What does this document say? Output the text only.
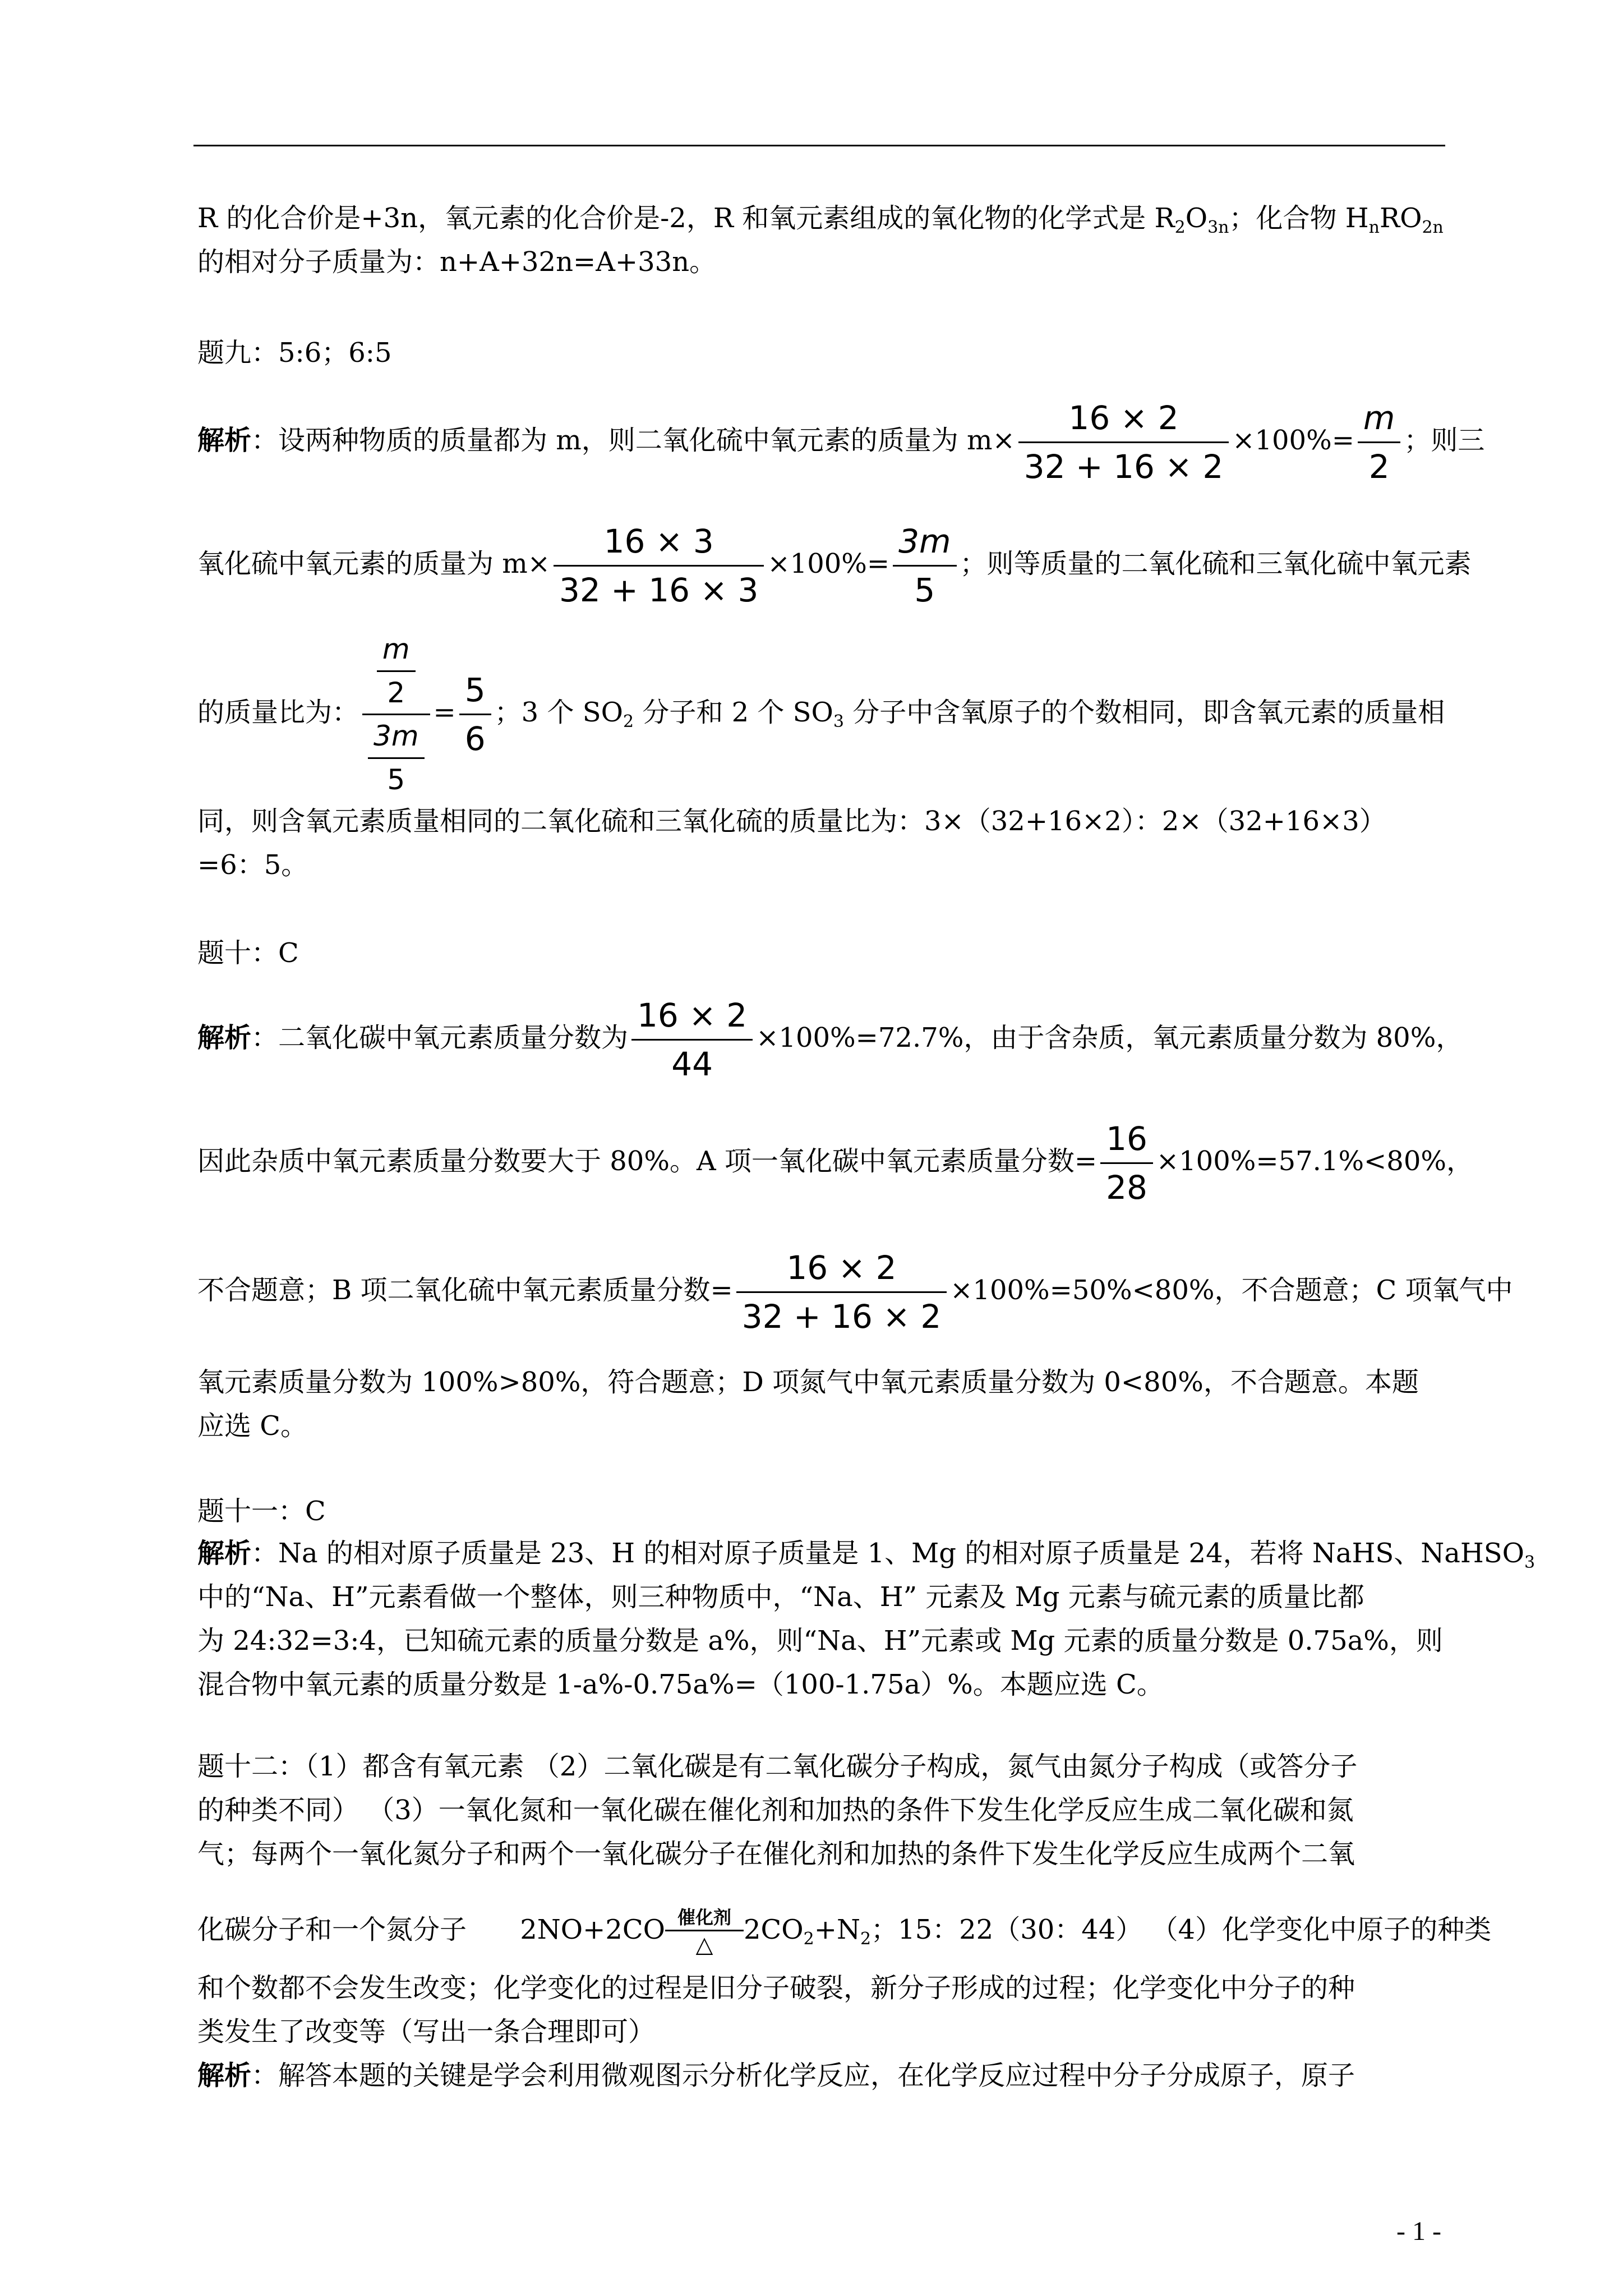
R 的化合价是+3n，氧元素的化合价是-2，R 和氧元素组成的氧化物的化学式是 $R_2O_{3n}$；化合物 $H_nRO_{2n}$
的相对分子质量为：n+A+32n=A+33n。
题九：5:6；6:5
解析：设两种物质的质量都为 m，则二氧化硫中氧元素的质量为 $m\times \frac{16 \times 2}{32 + 16 \times 2} \times 100\%= \frac{m}{2}$ ；则三
氧化硫中氧元素的质量为 $m\times \frac{16 \times 3}{32 + 16 \times 3} \times 100\%= \frac{3m}{5}$ ；则等质量的二氧化硫和三氧化硫中氧元素
的质量比为： $\frac{\frac{m}{2}}{\frac{3m}{5}} = \frac{5}{6}$ ；3 个 $SO_2$ 分子和 2 个 $SO_3$ 分子中含氧原子的个数相同，即含氧元素的质量相
同，则含氧元素质量相同的二氧化硫和三氧化硫的质量比为：3×（32+16×2）：2×（32+16×3）
=6：5。
题十：C
解析：二氧化碳中氧元素质量分数为 $\frac{16 \times 2}{44} \times 100\%=72.7\%$，由于含杂质，氧元素质量分数为 80%，
因此杂质中氧元素质量分数要大于 80%。A 项一氧化碳中氧元素质量分数= $\frac{16}{28} \times 100\%=57.1\%<80\%$，
不合题意；B 项二氧化硫中氧元素质量分数= $\frac{16 \times 2}{32 + 16 \times 2} \times 100\%=50\%<80\%$，不合题意；C 项氧气中
氧元素质量分数为 100%>80%，符合题意；D 项氮气中氧元素质量分数为 0<80%，不合题意。本题
应选 C。
题十一：C
解析：Na 的相对原子质量是 23、H 的相对原子质量是 1、Mg 的相对原子质量是 24，若将 NaHS、NaHSO$_3$
中的“Na、H”元素看做一个整体，则三种物质中，“Na、H” 元素及 Mg 元素与硫元素的质量比都
为 24:32=3:4，已知硫元素的质量分数是 a%，则“Na、H”元素或 Mg 元素的质量分数是 0.75a%，则
混合物中氧元素的质量分数是 1-a%-0.75a%=（100-1.75a）%。本题应选 C。
题十二：（1）都含有氧元素 （2）二氧化碳是有二氧化碳分子构成，氮气由氮分子构成（或答分子
的种类不同） （3）一氧化氮和一氧化碳在催化剂和加热的条件下发生化学反应生成二氧化碳和氮
气；每两个一氧化氮分子和两个一氧化碳分子在催化剂和加热的条件下发生化学反应生成两个二氧
化碳分子和一个氮分子 2NO+2CO 催化剂
△	$2CO_2+N_2$；15：22（30：44） （4）化学变化中原子的种类
和个数都不会发生改变；化学变化的过程是旧分子破裂，新分子形成的过程；化学变化中分子的种
类发生了改变等（写出一条合理即可）
解析：解答本题的关键是学会利用微观图示分析化学反应，在化学反应过程中分子分成原子，原子
- 1 -
